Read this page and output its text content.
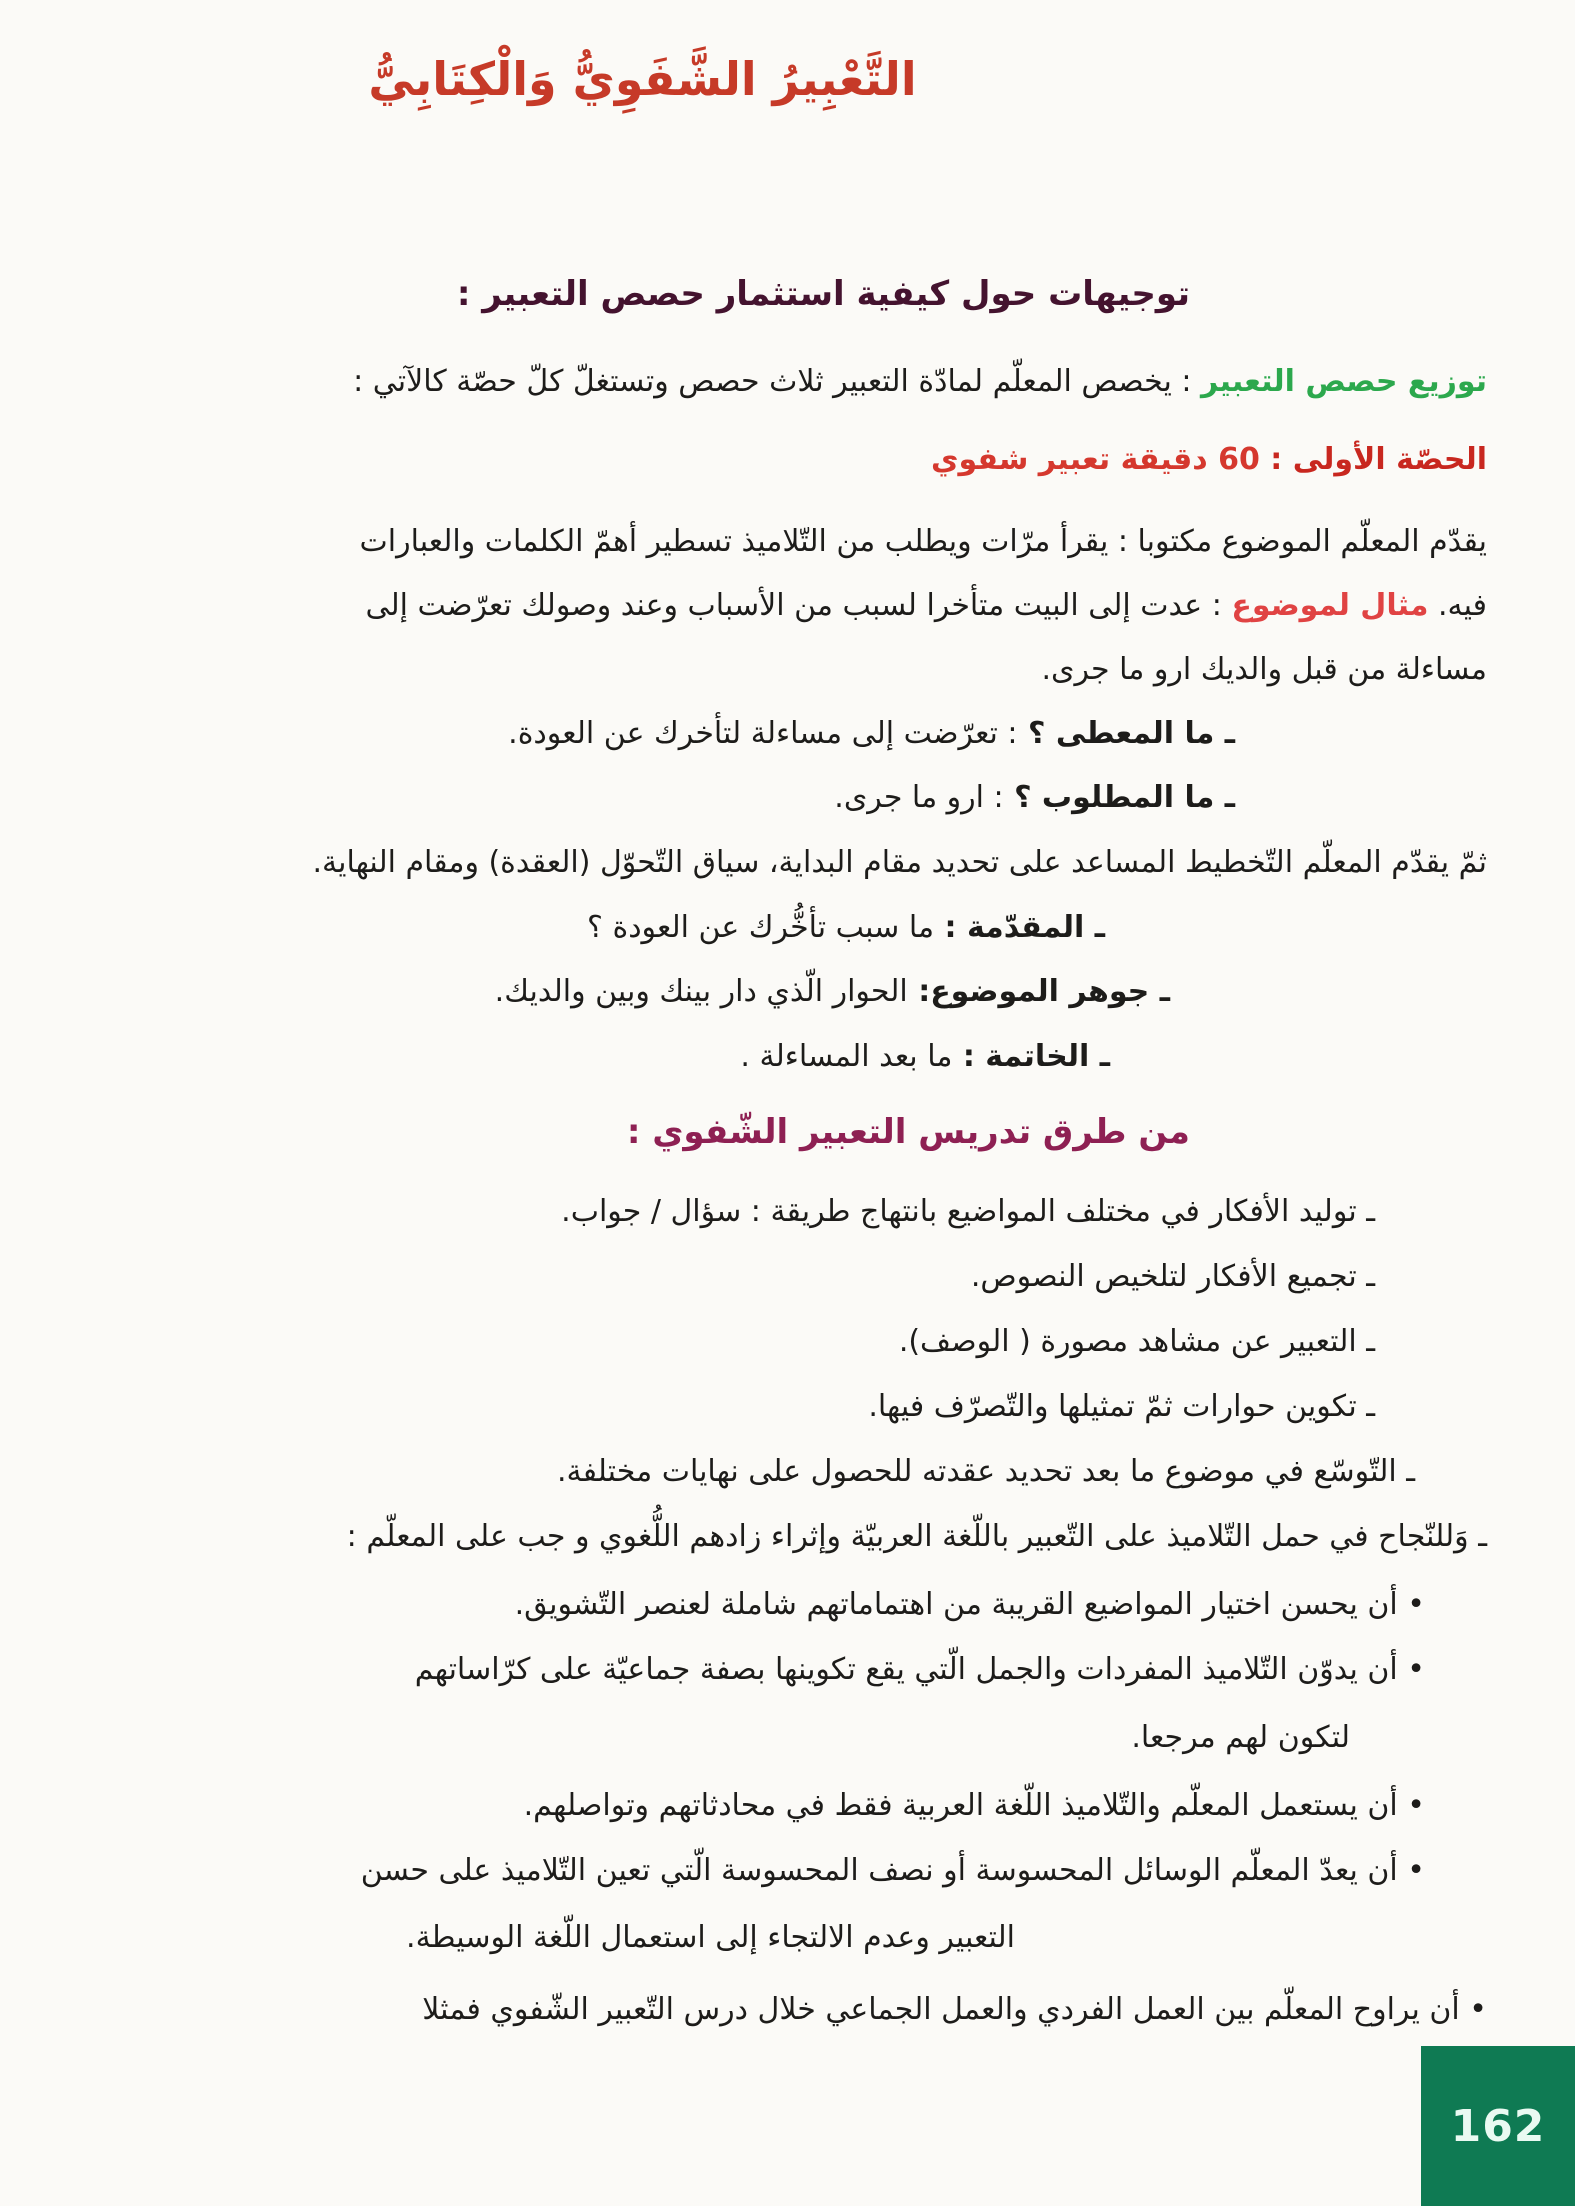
التَّعْبِيرُ الشَّفَوِيُّ وَالْكِتَابِيُّ
توجيهات حول كيفية استثمار حصص التعبير :
توزيع حصص التعبير : يخصص المعلّم لمادّة التعبير ثلاث حصص وتستغلّ كلّ حصّة كالآتي :
الحصّة الأولى : 60 دقيقة تعبير شفوي
يقدّم المعلّم الموضوع مكتوبا : يقرأ مرّات ويطلب من التّلاميذ تسطير أهمّ الكلمات والعبارات
فيه. مثال لموضوع : عدت إلى البيت متأخرا لسبب من الأسباب وعند وصولك تعرّضت إلى
مساءلة من قبل والديك ارو ما جرى.
ـ ما المعطى ؟ : تعرّضت إلى مساءلة لتأخرك عن العودة.
ـ ما المطلوب ؟ : ارو ما جرى.
ثمّ يقدّم المعلّم التّخطيط المساعد على تحديد مقام البداية، سياق التّحوّل (العقدة) ومقام النهاية.
ـ المقدّمة : ما سبب تأخُّرك عن العودة ؟
ـ جوهر الموضوع: الحوار الّذي دار بينك وبين والديك.
ـ الخاتمة : ما بعد المساءلة .
من طرق تدريس التعبير الشّفوي :
ـ توليد الأفكار في مختلف المواضيع بانتهاج طريقة : سؤال / جواب.
ـ تجميع الأفكار لتلخيص النصوص.
ـ التعبير عن مشاهد مصورة ( الوصف).
ـ تكوين حوارات ثمّ تمثيلها والتّصرّف فيها.
ـ التّوسّع في موضوع ما بعد تحديد عقدته للحصول على نهايات مختلفة.
ـ وَللنّجاح في حمل التّلاميذ على التّعبير باللّغة العربيّة وإثراء زادهم اللُّغوي و جب على المعلّم :
• أن يحسن اختيار المواضيع القريبة من اهتماماتهم شاملة لعنصر التّشويق.
• أن يدوّن التّلاميذ المفردات والجمل الّتي يقع تكوينها بصفة جماعيّة على كرّاساتهم
لتكون لهم مرجعا.
• أن يستعمل المعلّم والتّلاميذ اللّغة العربية فقط في محادثاتهم وتواصلهم.
• أن يعدّ المعلّم الوسائل المحسوسة أو نصف المحسوسة الّتي تعين التّلاميذ على حسن
التعبير وعدم الالتجاء إلى استعمال اللّغة الوسيطة.
• أن يراوح المعلّم بين العمل الفردي والعمل الجماعي خلال درس التّعبير الشّفوي فمثلا
162
